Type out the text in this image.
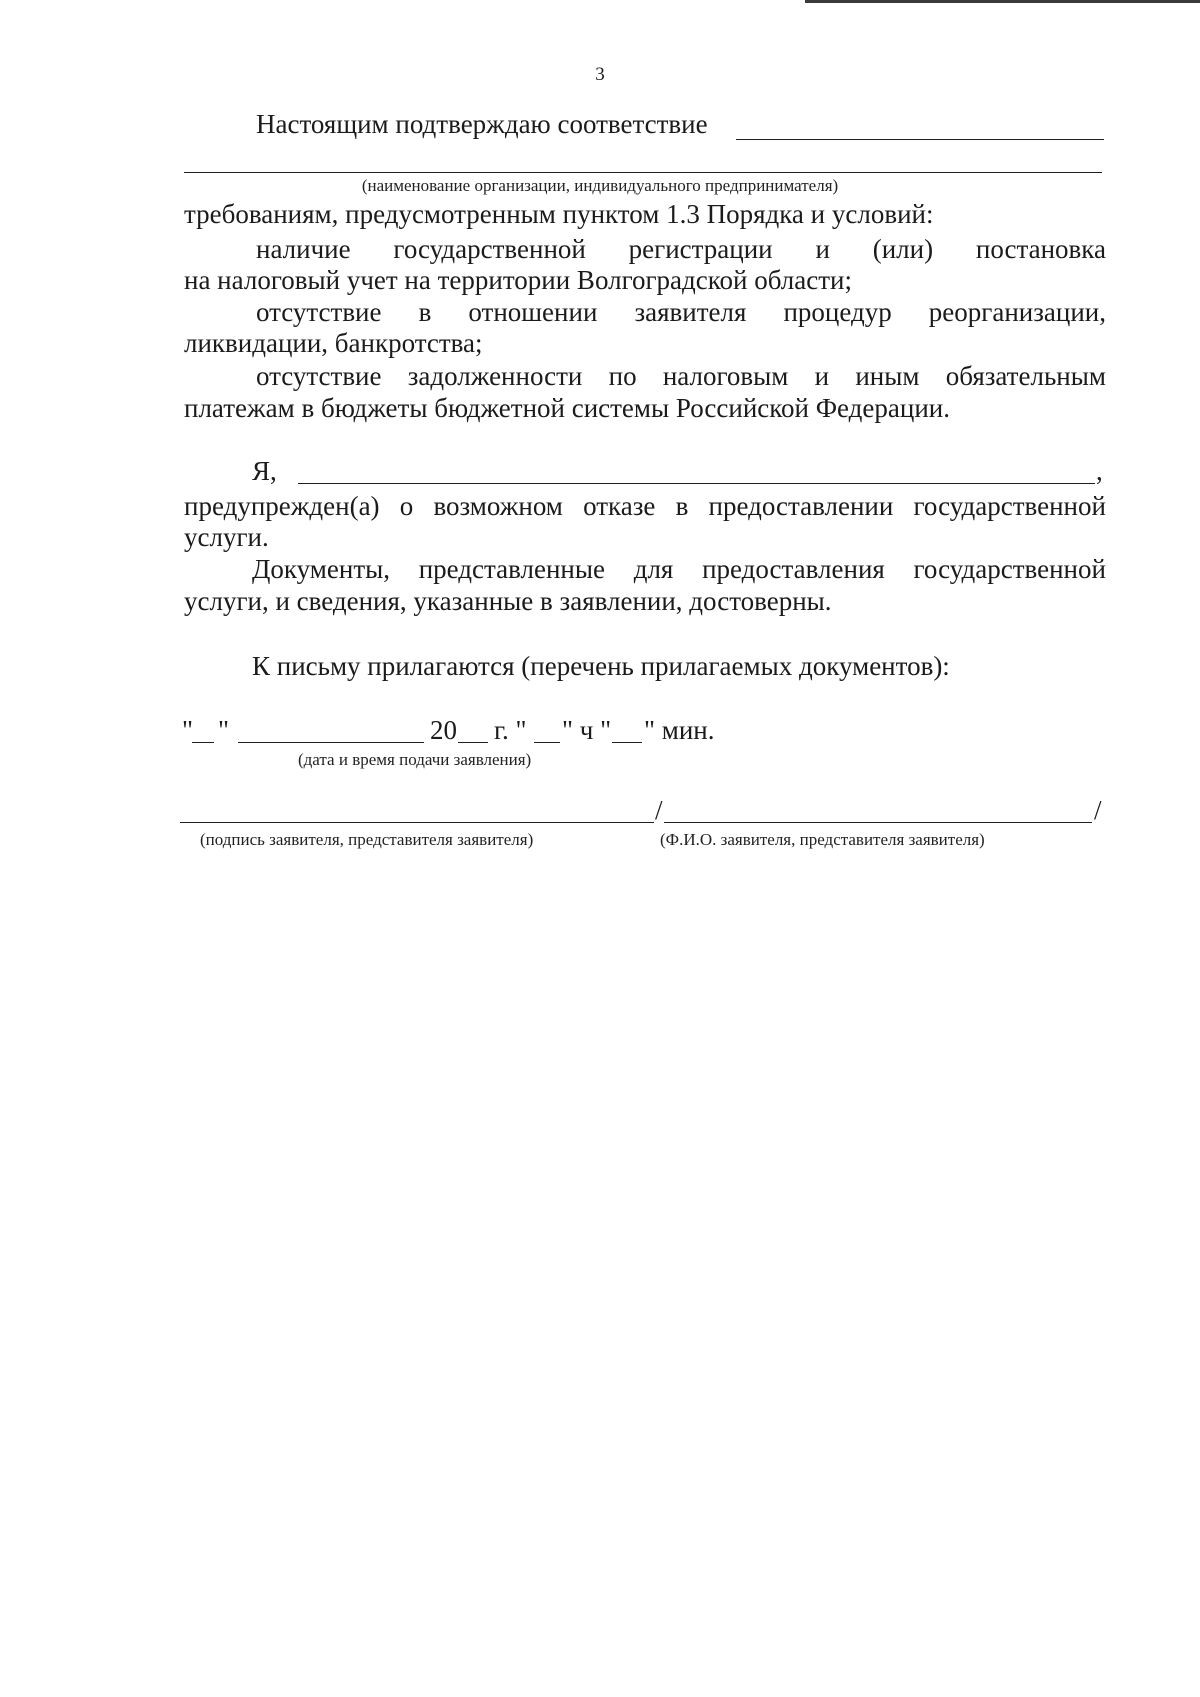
3
Настоящим подтверждаю соответствие
(наименование организации, индивидуального предпринимателя)
требованиям, предусмотренным пунктом 1.3 Порядка и условий:
наличие государственной регистрации и (или) постановка
на налоговый учет на территории Волгоградской области;
отсутствие в отношении заявителя процедур реорганизации,
ликвидации, банкротства;
отсутствие задолженности по налоговым и иным обязательным
платежам в бюджеты бюджетной системы Российской Федерации.
Я,	,
предупрежден(а) о возможном отказе в предоставлении государственной
услуги.
Документы, представленные для предоставления государственной
услуги, и сведения, указанные в заявлении, достоверны.
К письму прилагаются (перечень прилагаемых документов):
" "	20 г. " " ч " " мин.
(дата и время подачи заявления)
/	/
(подпись заявителя, представителя заявителя)	(Ф.И.О. заявителя, представителя заявителя)
